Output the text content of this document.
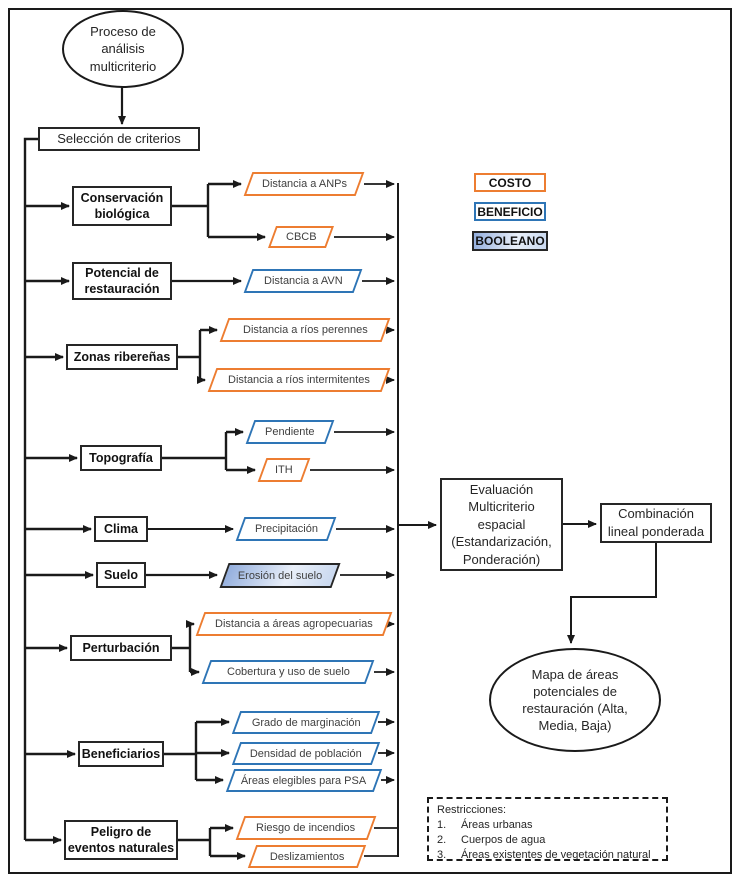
Proceso de
análisis
multicriterio
Selección de criterios
Conservación
biológica
Potencial de
restauración
Zonas ribereñas
Topografía
Clima
Suelo
Perturbación
Beneficiarios
Peligro de
eventos naturales
Distancia a ANPs
CBCB
Distancia a AVN
Distancia a ríos perennes
Distancia a ríos intermitentes
Pendiente
ITH
Precipitación
Erosión del suelo
Distancia a áreas agropecuarias
Cobertura y uso de suelo
Grado de marginación
Densidad de población
Áreas elegibles para PSA
Riesgo de incendios
Deslizamientos
COSTO
BENEFICIO
BOOLEANO
Evaluación
Multicriterio
espacial
(Estandarización,
Ponderación)
Combinación
lineal ponderada
Mapa de áreas
potenciales de
restauración (Alta,
Media, Baja)
Restricciones:
1.	Áreas urbanas
2.	Cuerpos de agua
3.	Áreas existentes de vegetación natural
